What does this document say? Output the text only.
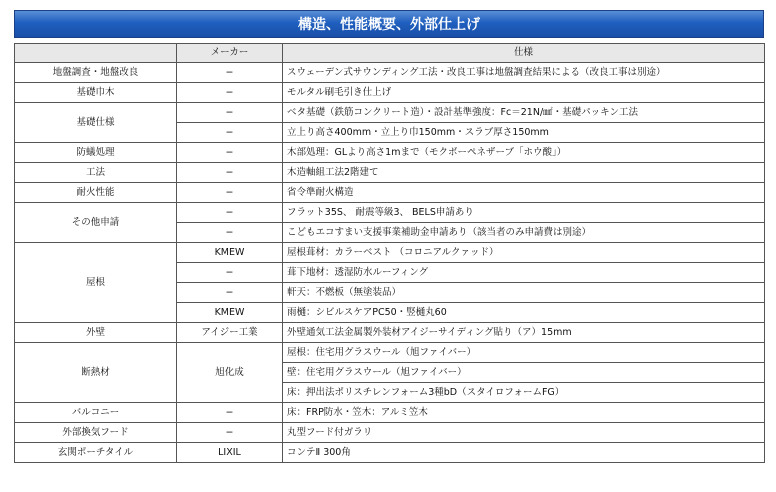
構造、性能概要、外部仕上げ
	メーカー	仕様
地盤調査・地盤改良	−	スウェーデン式サウンディング工法・改良工事は地盤調査結果による（改良工事は別途）
基礎巾木	−	モルタル刷毛引き仕上げ
基礎仕様	−	ベタ基礎（鉄筋コンクリート造）・設計基準強度：Fc＝21N/㎟・基礎パッキン工法
	−	立上り高さ400mm・立上り巾150mm・スラブ厚さ150mm
防蟻処理	−	木部処理：GLより高さ1mまで（モクボーペネザーブ「ホウ酸」）
工法	−	木造軸組工法2階建て
耐火性能	−	省令準耐火構造
その他申請	−	フラット35S、 耐震等級3、 BELS申請あり
	−	こどもエコすまい支援事業補助金申請あり（該当者のみ申請費は別途）
屋根	KMEW	屋根葺材：カラーベスト （コロニアルクァッド）
	−	葺下地材：透湿防水ルーフィング
	−	軒天：不燃板（無塗装品）
	KMEW	雨樋：シビルスケアPC50・竪樋丸60
外壁	アイジー工業	外壁通気工法金属製外装材アイジーサイディング貼り（ア）15mm
断熱材	旭化成	屋根：住宅用グラスウール（旭ファイバー）
		壁：住宅用グラスウール（旭ファイバー）
		床：押出法ポリスチレンフォーム3種bD（スタイロフォームFG）
バルコニー	−	床：FRP防水・笠木：アルミ笠木
外部換気フード	−	丸型フード付ガラリ
玄関ポーチタイル	LIXIL	コンテⅡ 300角
